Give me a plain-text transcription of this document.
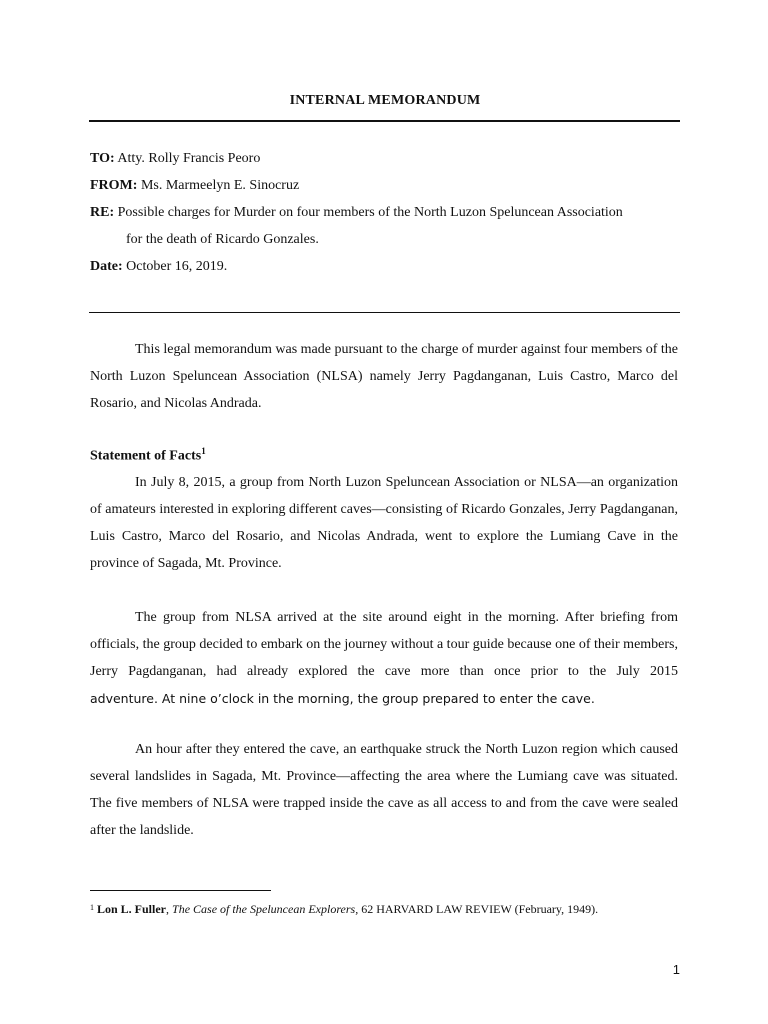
INTERNAL MEMORANDUM
TO: Atty. Rolly Francis Peoro
FROM: Ms. Marmeelyn E. Sinocruz
RE: Possible charges for Murder on four members of the North Luzon Speluncean Association
for the death of Ricardo Gonzales.
Date: October 16, 2019.

This legal memorandum was made pursuant to the charge of murder against four members of the North Luzon Speluncean Association (NLSA) namely Jerry Pagdanganan, Luis Castro, Marco del Rosario, and Nicolas Andrada.

Statement of Facts$^1$

In July 8, 2015, a group from North Luzon Speluncean Association or NLSA—an organization of amateurs interested in exploring different caves—consisting of Ricardo Gonzales, Jerry Pagdanganan, Luis Castro, Marco del Rosario, and Nicolas Andrada, went to explore the Lumiang Cave in the province of Sagada, Mt. Province.

The group from NLSA arrived at the site around eight in the morning. After briefing from officials, the group decided to embark on the journey without a tour guide because one of their members, Jerry Pagdanganan, had already explored the cave more than once prior to the July 2015

adventure. At nine o’clock in the morning, the group prepared to enter the cave.

An hour after they entered the cave, an earthquake struck the North Luzon region which caused several landslides in Sagada, Mt. Province—affecting the area where the Lumiang cave was situated. The five members of NLSA were trapped inside the cave as all access to and from the cave were sealed after the landslide.

$^1$ Lon L. Fuller, The Case of the Speluncean Explorers, 62 HARVARD LAW REVIEW (February, 1949).
1
